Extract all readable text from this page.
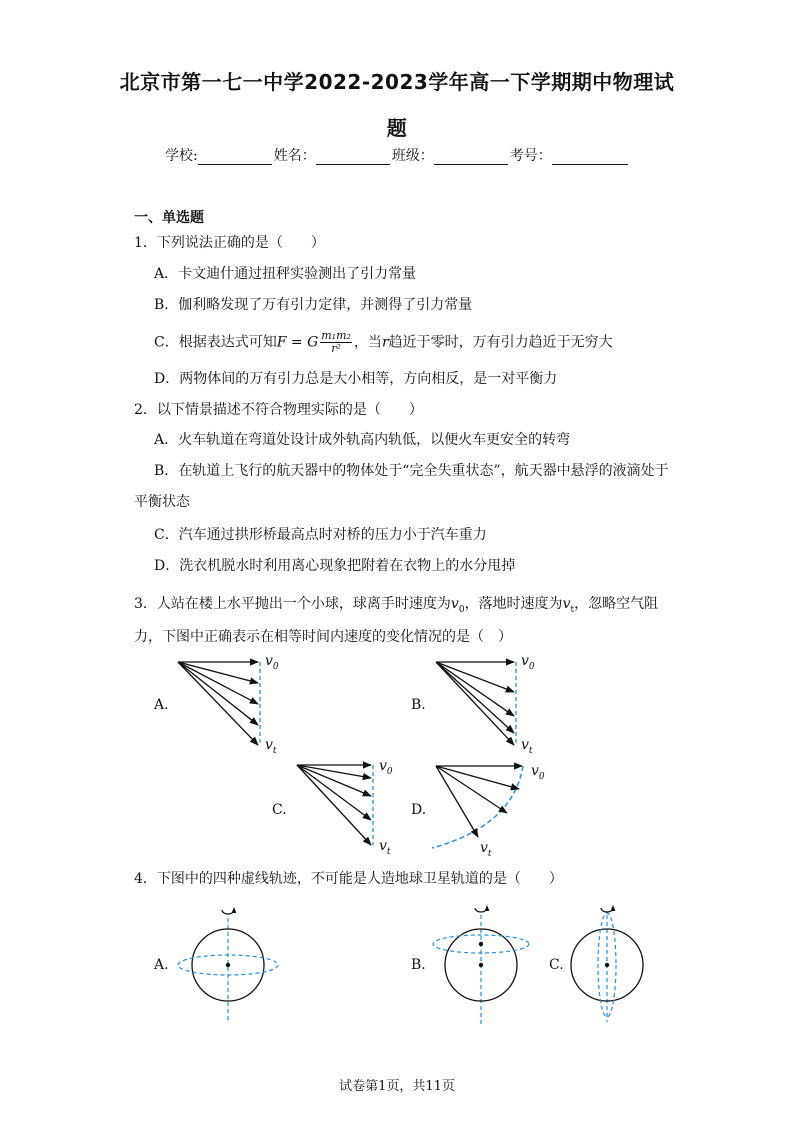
北京市第一七一中学2022-2023学年高一下学期期中物理试
题
学校:	姓名：	班级：	考号：
一、单选题
1．下列说法正确的是（　　）
A．卡文迪什通过扭秤实验测出了引力常量
B．伽利略发现了万有引力定律，并测得了引力常量
C．根据表达式可知F = G $\frac{\text{m₁m₂}}{\text{r²}}$ ，当r趋近于零时，万有引力趋近于无穷大
D．两物体间的万有引力总是大小相等，方向相反，是一对平衡力
2．以下情景描述不符合物理实际的是（　　）
A．火车轨道在弯道处设计成外轨高内轨低，以便火车更安全的转弯
B．在轨道上飞行的航天器中的物体处于“完全失重状态”，航天器中悬浮的液滴处于
平衡状态
C．汽车通过拱形桥最高点时对桥的压力小于汽车重力
D．洗衣机脱水时利用离心现象把附着在衣物上的水分甩掉
3．人站在楼上水平抛出一个小球，球离手时速度为$v_0$，落地时速度为$v_t$，忽略空气阻
力，下图中正确表示在相等时间内速度的变化情况的是（　）
A.	B.
C.	D.
$v_0$
$v_t$
$v_0$
$v_t$
$v_0$
$v_t$
$v_0$
$v_t$
4．下图中的四种虚线轨迹，不可能是人造地球卫星轨道的是（　　）
A.	B.	C.
试卷第1页，共11页
